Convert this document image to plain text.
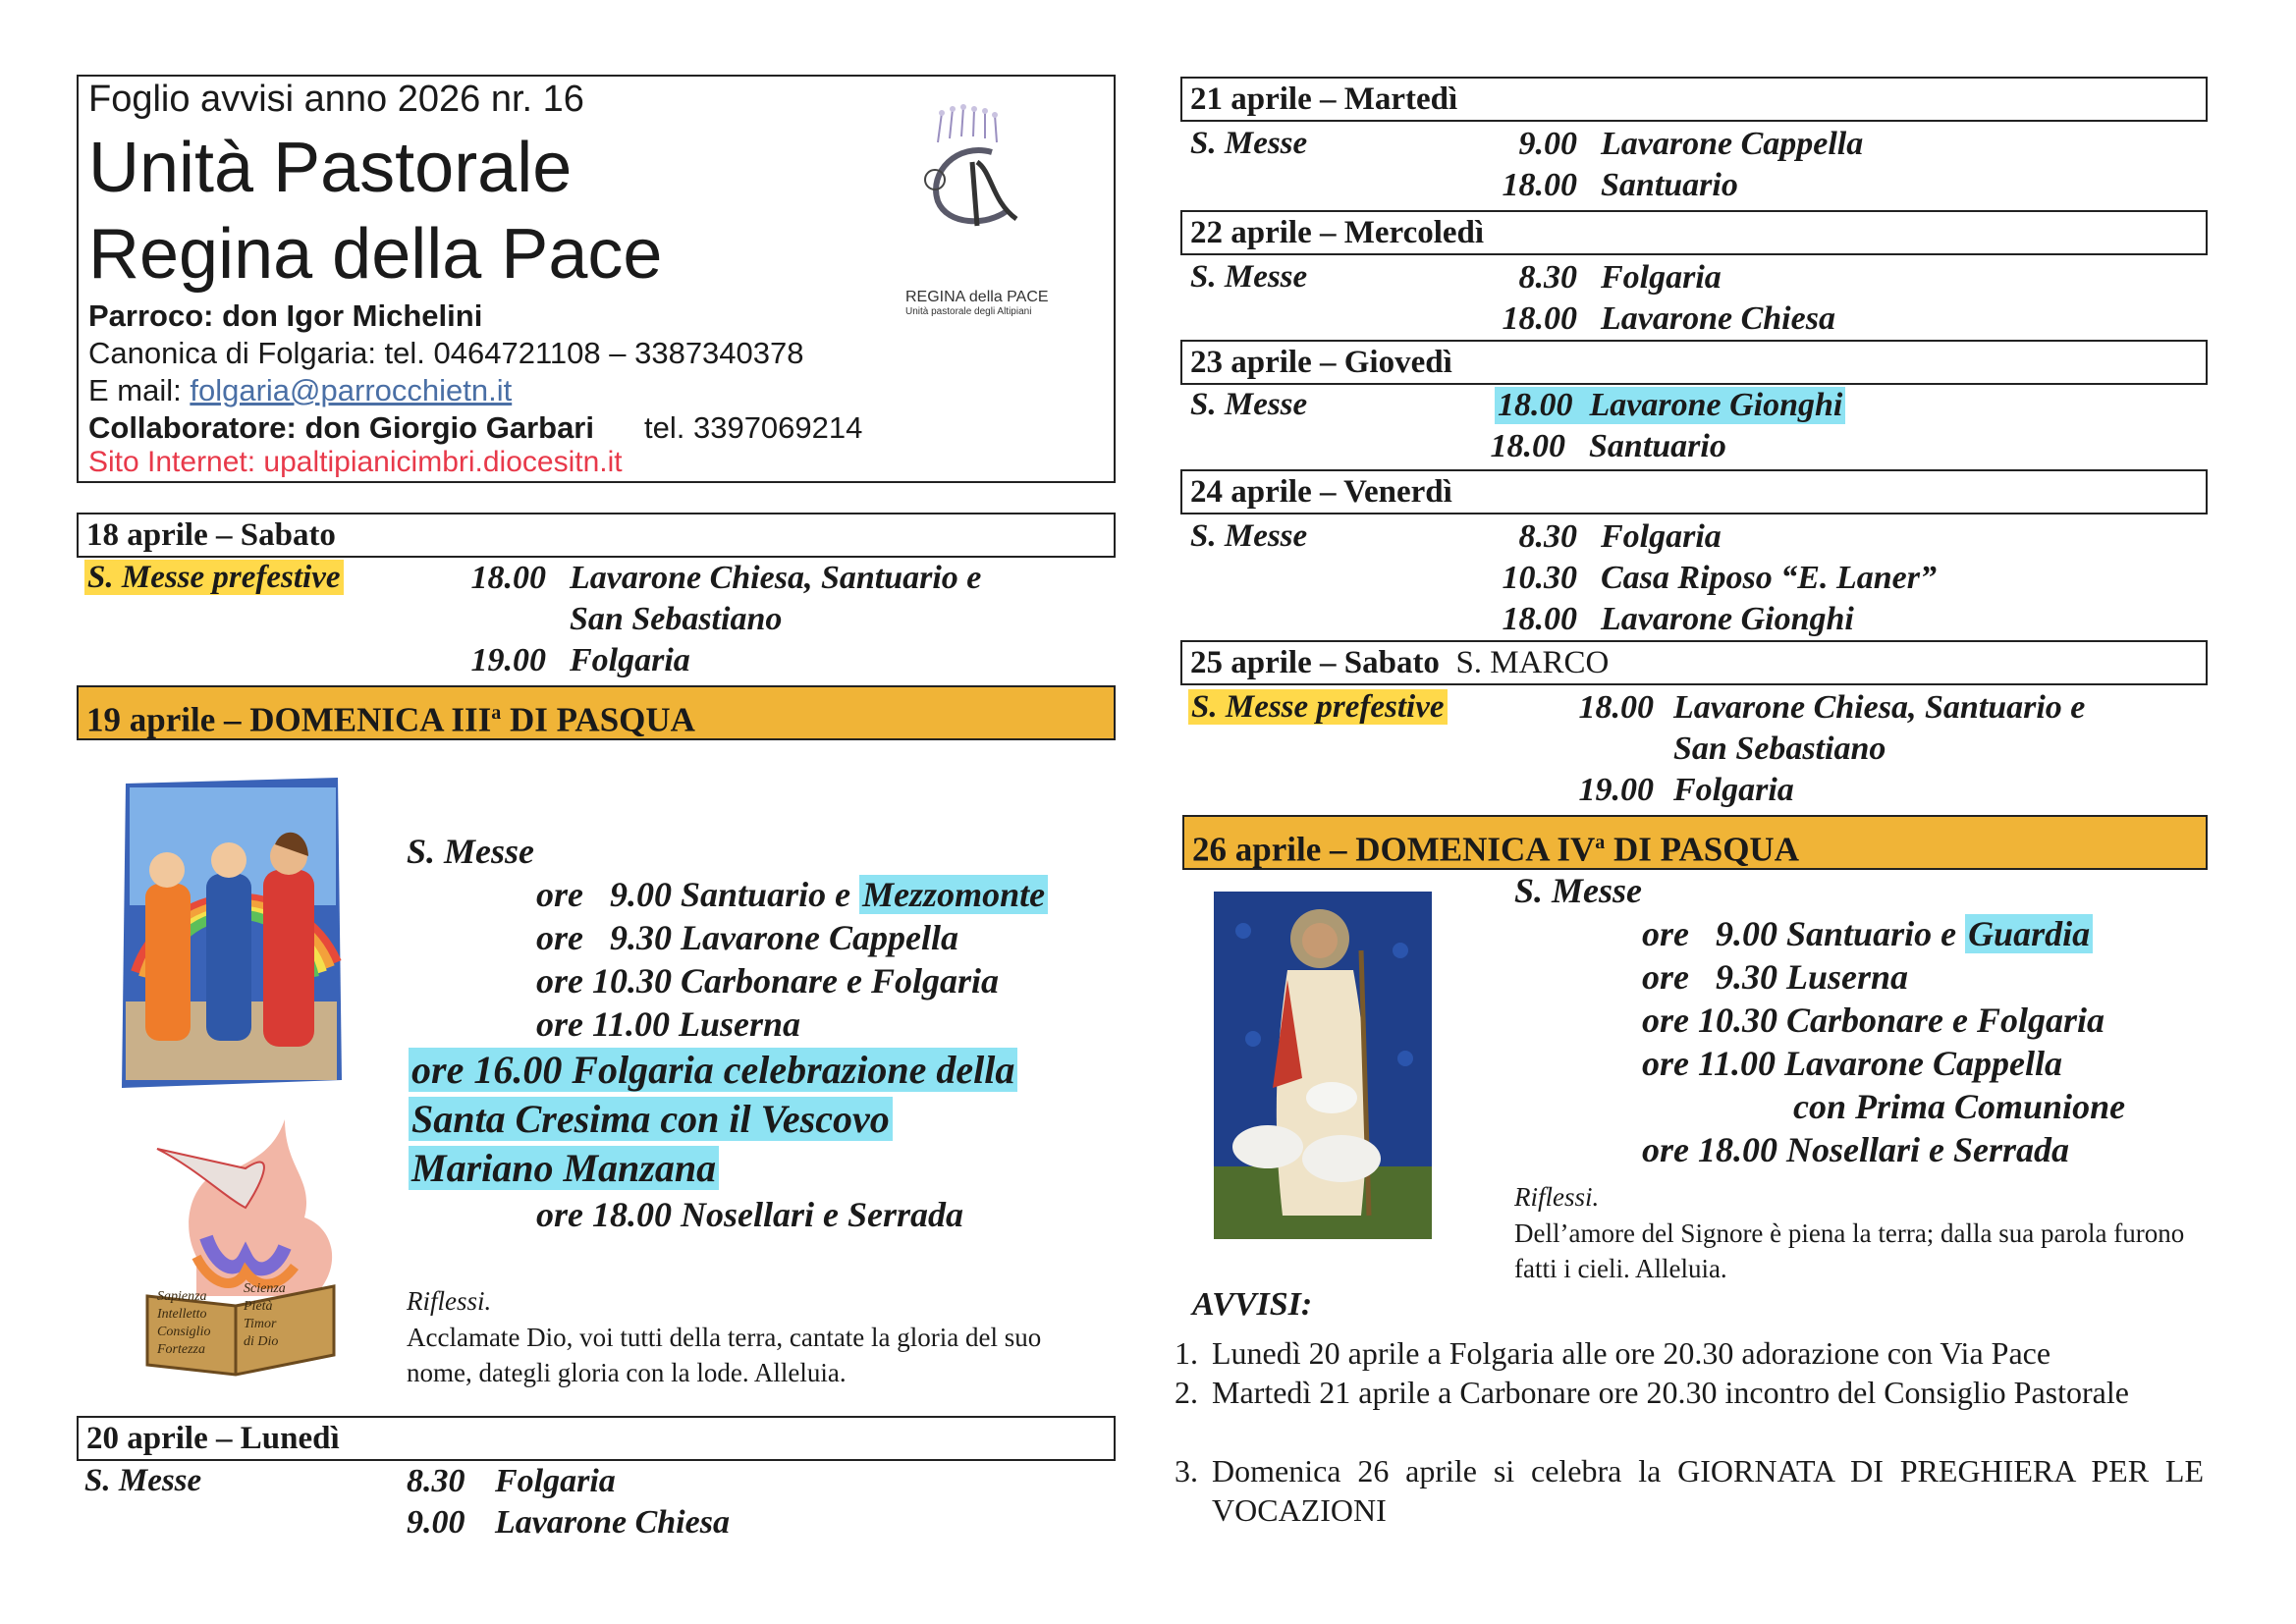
Foglio avvisi anno 2026 nr. 16
Unità Pastorale
Regina della Pace
Parroco: don Igor Michelini
Canonica di Folgaria: tel. 0464721108 – 3387340378
E mail: folgaria@parrocchietn.it
Collaboratore: don Giorgio Garbari tel. 3397069214
Sito Internet: upaltipianicimbri.diocesitn.it
REGINA della PACE
Unità pastorale degli Altipiani
18 aprile – Sabato
S. Messe prefestive	18.00 Lavarone Chiesa, Santuario e
San Sebastiano
19.00 Folgaria
19 aprile – DOMENICA III$^a$ DI PASQUA
Sapienza
Intelletto
Consiglio
Fortezza
Scienza
Pietà
Timor
di Dio
S. Messe
ore 9.00 Santuario e Mezzomonte
ore 9.30 Lavarone Cappella
ore 10.30 Carbonare e Folgaria
ore 11.00 Luserna
ore 16.00 Folgaria celebrazione della
Santa Cresima con il Vescovo
Mariano Manzana
ore 18.00 Nosellari e Serrada
Riflessi.
Acclamate Dio, voi tutti della terra, cantate la gloria del suo nome, dategli gloria con la lode. Alleluia.
20 aprile – Lunedì
S. Messe	8.30 Folgaria
9.00 Lavarone Chiesa
21 aprile – Martedì
S. Messe	9.00 Lavarone Cappella
18.00 Santuario
22 aprile – Mercoledì
S. Messe	8.30 Folgaria
18.00 Lavarone Chiesa
23 aprile – Giovedì
S. Messe	18.00 Lavarone Gionghi
18.00 Santuario
24 aprile – Venerdì
S. Messe	8.30 Folgaria
10.30 Casa Riposo “E. Laner”
18.00 Lavarone Gionghi
25 aprile – Sabato S. MARCO
S. Messe prefestive	18.00 Lavarone Chiesa, Santuario e
San Sebastiano
19.00 Folgaria
26 aprile – DOMENICA $IV^a$ DI PASQUA
S. Messe
ore 9.00 Santuario e Guardia
ore 9.30 Luserna
ore 10.30 Carbonare e Folgaria
ore 11.00 Lavarone Cappella
con Prima Comunione
ore 18.00 Nosellari e Serrada
Riflessi.
Dell’amore del Signore è piena la terra; dalla sua parola furono fatti i cieli. Alleluia.
AVVISI:
1. Lunedì 20 aprile a Folgaria alle ore 20.30 adorazione con Via Pace
2. Martedì 21 aprile a Carbonare ore 20.30 incontro del Consiglio Pastorale
3. Domenica 26 aprile si celebra la GIORNATA DI PREGHIERA PER LE VOCAZIONI
